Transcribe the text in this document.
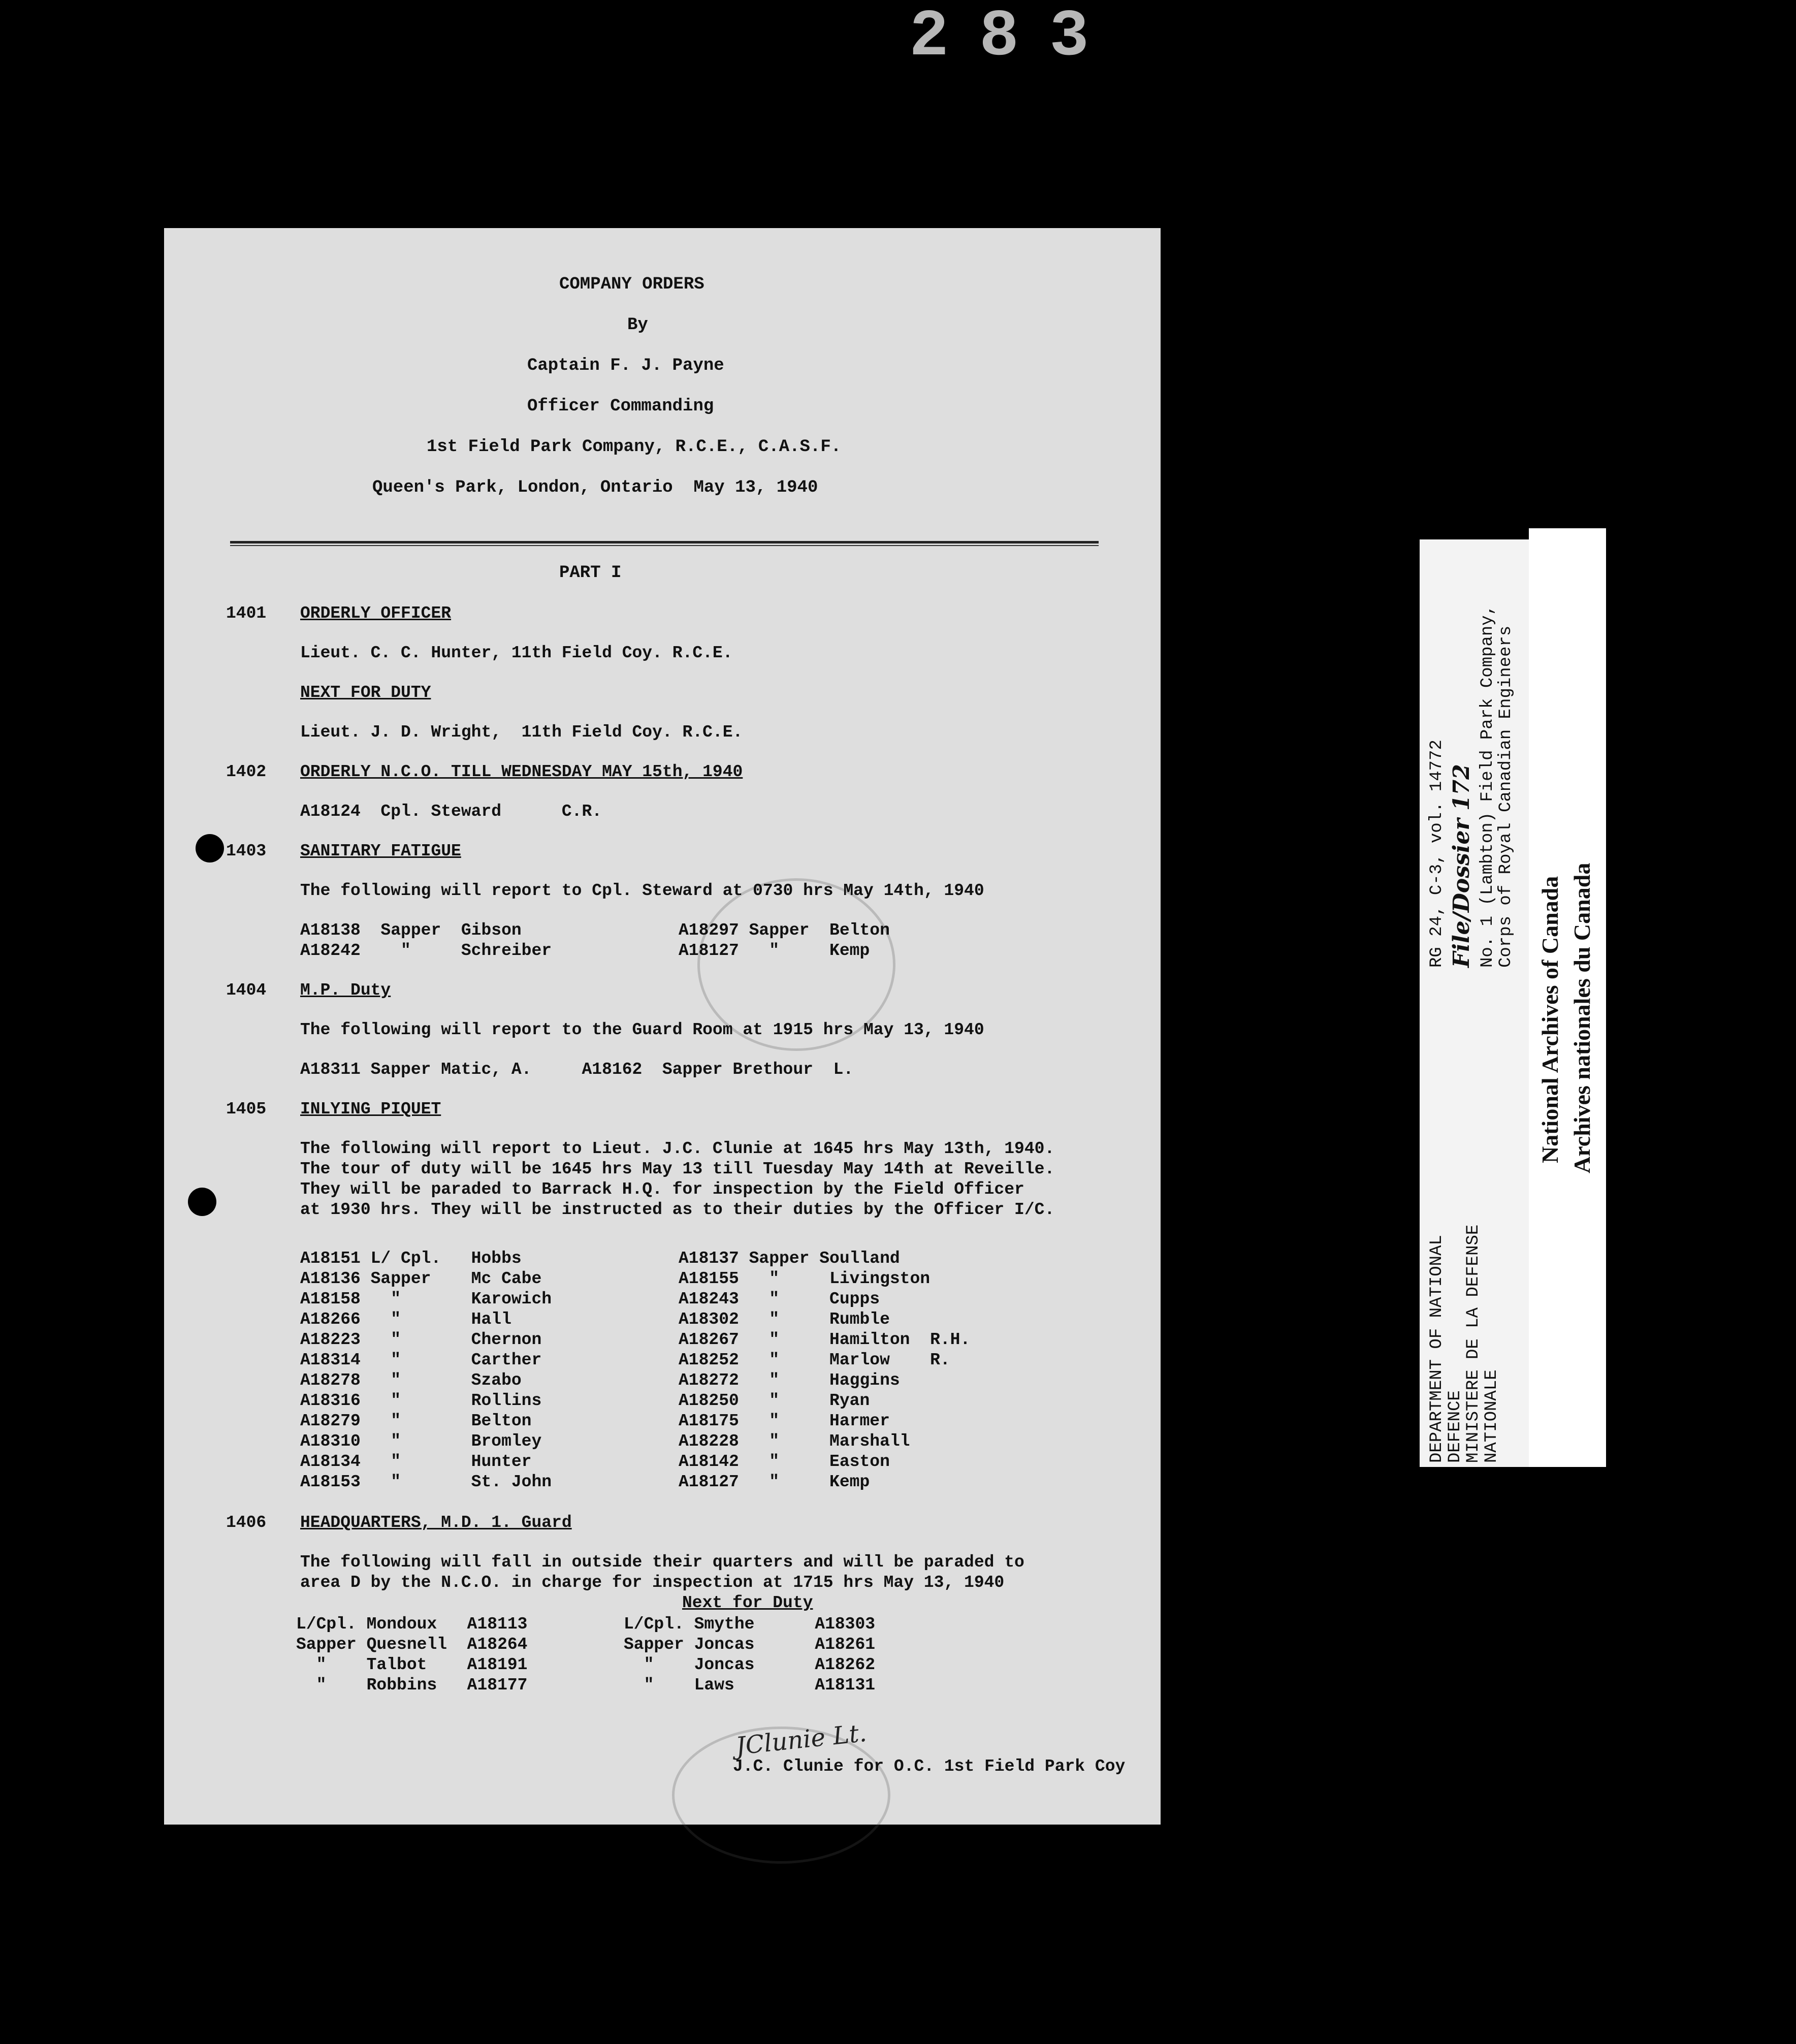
283
COMPANY ORDERS
By
Captain F. J. Payne
Officer Commanding
1st Field Park Company, R.C.E., C.A.S.F.
Queen's Park, London, Ontario  May 13, 1940
PART I
1401 ORDERLY OFFICER
Lieut. C. C. Hunter, 11th Field Coy. R.C.E.
NEXT FOR DUTY
Lieut. J. D. Wright,  11th Field Coy. R.C.E.
1402 ORDERLY N.C.O. TILL WEDNESDAY MAY 15th, 1940
A18124  Cpl. Steward      C.R.
1403 SANITARY FATIGUE
The following will report to Cpl. Steward at 0730 hrs May 14th, 1940
A18138  Sapper  Gibson
A18242    "     Schreiber
A18297 Sapper  Belton
A18127   "     Kemp
1404 M.P. Duty
The following will report to the Guard Room at 1915 hrs May 13, 1940
A18311 Sapper Matic, A.     A18162  Sapper Brethour  L.
1405 INLYING PIQUET
The following will report to Lieut. J.C. Clunie at 1645 hrs May 13th, 1940.
The tour of duty will be 1645 hrs May 13 till Tuesday May 14th at Reveille.
They will be paraded to Barrack H.Q. for inspection by the Field Officer
at 1930 hrs. They will be instructed as to their duties by the Officer I/C.
A18151 L/ Cpl.   Hobbs
A18136 Sapper    Mc Cabe
A18158   "       Karowich
A18266   "       Hall
A18223   "       Chernon
A18314   "       Carther
A18278   "       Szabo
A18316   "       Rollins
A18279   "       Belton
A18310   "       Bromley
A18134   "       Hunter
A18153   "       St. John
A18137 Sapper Soulland
A18155   "     Livingston
A18243   "     Cupps
A18302   "     Rumble
A18267   "     Hamilton  R.H.
A18252   "     Marlow    R.
A18272   "     Haggins
A18250   "     Ryan
A18175   "     Harmer
A18228   "     Marshall
A18142   "     Easton
A18127   "     Kemp
1406 HEADQUARTERS, M.D. 1. Guard
The following will fall in outside their quarters and will be paraded to
area D by the N.C.O. in charge for inspection at 1715 hrs May 13, 1940
Next for Duty
L/Cpl. Mondoux   A18113
Sapper Quesnell  A18264
"    Talbot    A18191
"    Robbins   A18177
L/Cpl. Smythe      A18303
Sapper Joncas      A18261
"    Joncas      A18262
"    Laws        A18131
JClunie Lt.
J.C. Clunie for O.C. 1st Field Park Coy
DEPARTMENT OF NATIONAL
DEFENCE
MINISTERE DE LA DEFENSE
NATIONALE
RG 24, C-3, vol. 14772 File/Dossier 172 No. 1 (Lambton) Field Park Company,
Corps of Royal Canadian Engineers
National Archives of Canada Archives nationales du Canada
